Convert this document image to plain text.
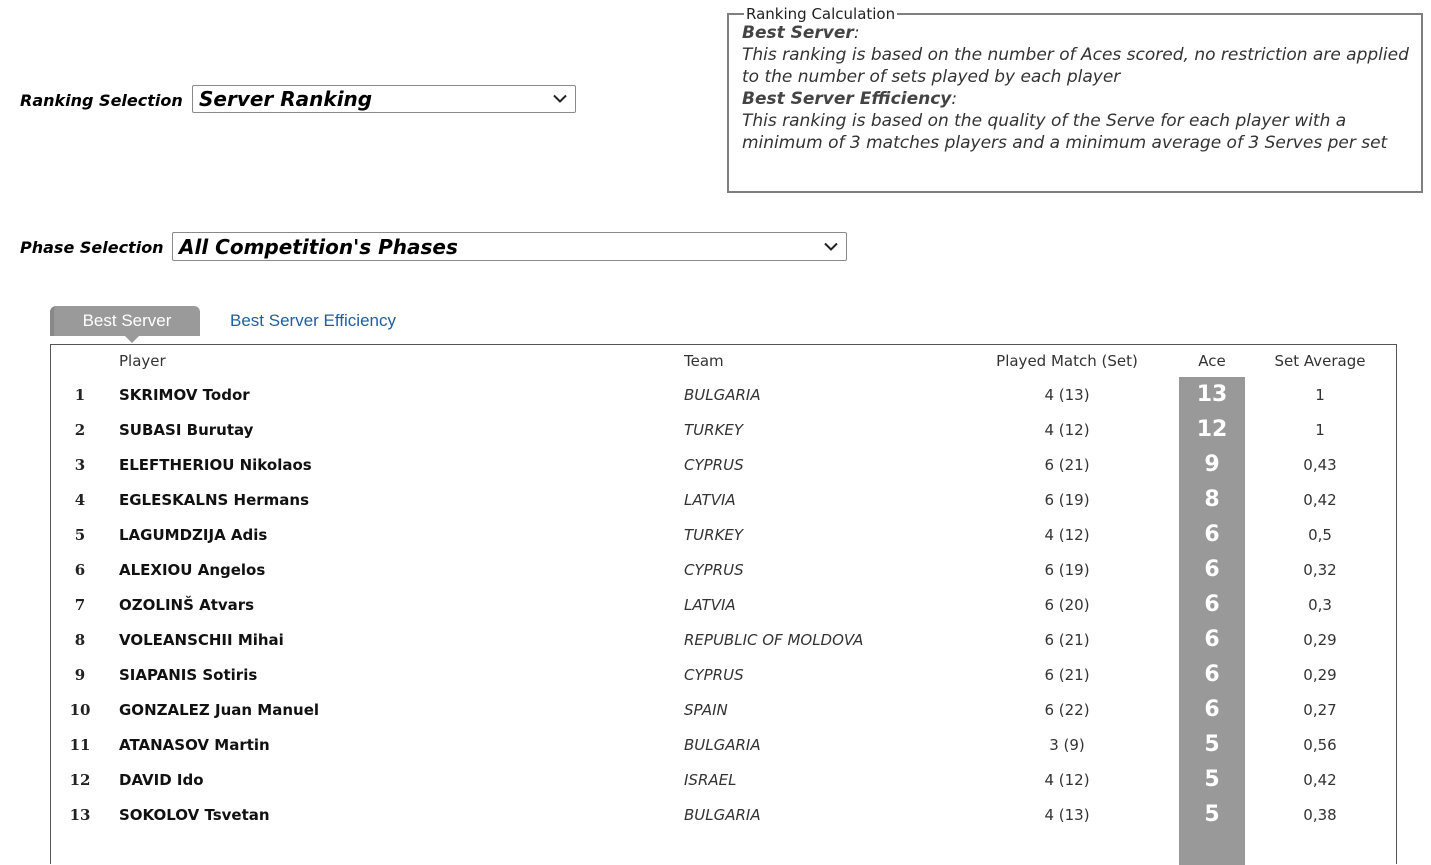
Ranking Selection Server Ranking
Phase Selection All Competition's Phases
Ranking Calculation
Best Server:
This ranking is based on the number of Aces scored, no restriction are applied to the number of sets played by each player
Best Server Efficiency:
This ranking is based on the quality of the Serve for each player with a minimum of 3 matches players and a minimum average of 3 Serves per set
Best Server	Best Server Efficiency
Player	Team	Played Match (Set)	Ace	Set Average
1	SKRIMOV Todor	BULGARIA	4 (13)	13	1
2	SUBASI Burutay	TURKEY	4 (12)	12	1
3	ELEFTHERIOU Nikolaos	CYPRUS	6 (21)	9	0,43
4	EGLESKALNS Hermans	LATVIA	6 (19)	8	0,42
5	LAGUMDZIJA Adis	TURKEY	4 (12)	6	0,5
6	ALEXIOU Angelos	CYPRUS	6 (19)	6	0,32
7	OZOLINŠ Atvars	LATVIA	6 (20)	6	0,3
8	VOLEANSCHII Mihai	REPUBLIC OF MOLDOVA	6 (21)	6	0,29
9	SIAPANIS Sotiris	CYPRUS	6 (21)	6	0,29
10	GONZALEZ Juan Manuel	SPAIN	6 (22)	6	0,27
11	ATANASOV Martin	BULGARIA	3 (9)	5	0,56
12	DAVID Ido	ISRAEL	4 (12)	5	0,42
13	SOKOLOV Tsvetan	BULGARIA	4 (13)	5	0,38
